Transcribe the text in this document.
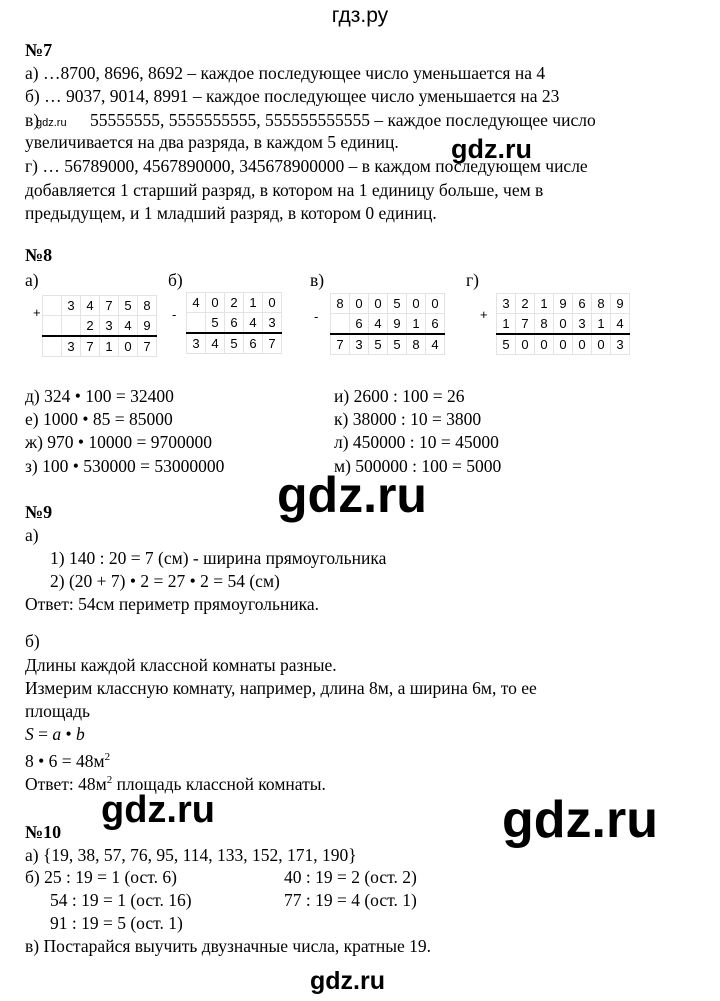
гдз.ру
№7
а) …8700, 8696, 8692 – каждое последующее число уменьшается на 4
б) … 9037, 9014, 8991 – каждое последующее число уменьшается на 23
в)
gdz.ru 55555555, 5555555555, 555555555555 – каждое последующее число
увеличивается на два разряда, в каждом 5 единиц. gdz.ru
г) … 56789000, 4567890000, 345678900000 – в каждом последующем числе
добавляется 1 старший разряд, в котором на 1 единицу больше, чем в
предыдущем, и 1 младший разряд, в котором 0 единиц.
№8
а)	б)	в)	г)
+	-	-	+
	3	4	7	5	8
		2	3	4	9
	3	7	1	0	7
4	0	2	1	0
	5	6	4	3
3	4	5	6	7
8	0	0	5	0	0
	6	4	9	1	6
7	3	5	5	8	4
3	2	1	9	6	8	9
1	7	8	0	3	1	4
5	0	0	0	0	0	3
д) 324 • 100 = 32400
е) 1000 • 85 = 85000
ж) 970 • 10000 = 9700000
з) 100 • 530000 = 53000000
и) 2600 : 100 = 26
к) 38000 : 10 = 3800
л) 450000 : 10 = 45000
м) 500000 : 100 = 5000
gdz.ru
№9
а)
1) 140 : 20 = 7 (см) - ширина прямоугольника
2) (20 + 7) • 2 = 27 • 2 = 54 (см)
Ответ: 54см периметр прямоугольника.
б)
Длины каждой классной комнаты разные.
Измерим классную комнату, например, длина 8м, а ширина 6м, то ее
площадь
S = a • b
8 • $6 = 48м^2$
Ответ: $48м^2$ площадь классной комнаты.
gdz.ru	gdz.ru
№10
а) {19, 38, 57, 76, 95, 114, 133, 152, 171, 190}
б) 25 : 19 = 1 (ост. 6)	40 : 19 = 2 (ост. 2)
54 : 19 = 1 (ост. 16)	77 : 19 = 4 (ост. 1)
91 : 19 = 5 (ост. 1)
в) Постарайся выучить двузначные числа, кратные 19.
gdz.ru
